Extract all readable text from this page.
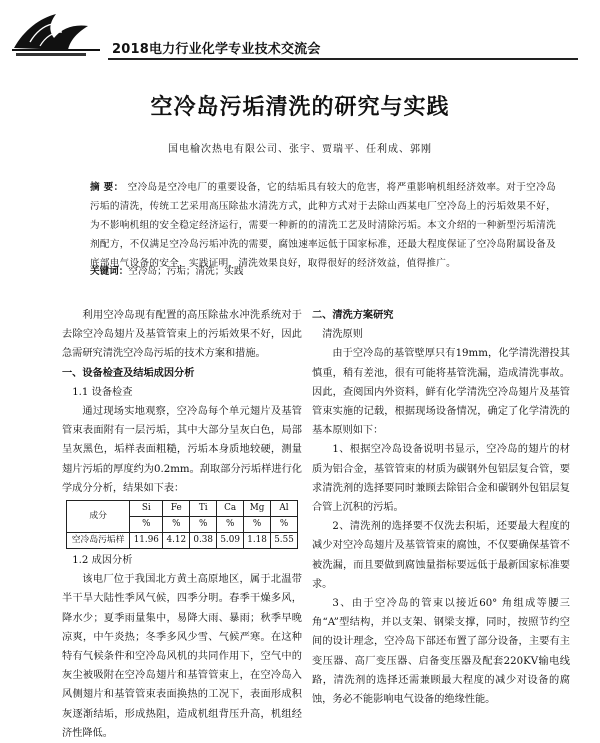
2018电力行业化学专业技术交流会
空冷岛污垢清洗的研究与实践
国电榆次热电有限公司、张宇、贾瑞平、任利成、郭刚
摘 要： 空冷岛是空冷电厂的重要设备，它的结垢具有较大的危害，将严重影响机组经济效率。对于空冷岛污垢的清洗，传统工艺采用高压除盐水清洗方式，此种方式对于去除山西某电厂空冷岛上的污垢效果不好，为不影响机组的安全稳定经济运行，需要一种新的的清洗工艺及时清除污垢。本文介绍的一种新型污垢清洗剂配方，不仅满足空冷岛污垢冲洗的需要，腐蚀速率远低于国家标准，还最大程度保证了空冷岛附属设备及底部电气设备的安全，实践证明，清洗效果良好，取得很好的经济效益，值得推广。
关键词：空冷岛；污垢；清洗；实践

利用空冷岛现有配置的高压除盐水冲洗系统对于去除空冷岛翅片及基管管束上的污垢效果不好，因此急需研究清洗空冷岛污垢的技术方案和措施。

一、设备检查及结垢成因分析

1.1 设备检查

通过现场实地观察，空冷岛每个单元翅片及基管管束表面附有一层污垢，其中大部分呈灰白色，局部呈灰黑色，垢样表面粗糙，污垢本身质地较硬，测量翅片污垢的厚度约为0.2mm。刮取部分污垢样进行化学成分分析，结果如下表：

成分	Si	Fe	Ti	Ca	Mg	Al
	%	%	%	%	%	%
空冷岛污垢样	11.96	4.12	0.38	5.09	1.18	5.55

1.2 成因分析

该电厂位于我国北方黄土高原地区，属于北温带半干旱大陆性季风气候，四季分明。春季干燥多风，降水少；夏季雨量集中，易降大雨、暴雨；秋季早晚凉爽，中午炎热；冬季多风少雪、气候严寒。在这种特有气候条件和空冷岛风机的共同作用下，空气中的灰尘被吸附在空冷岛翅片和基管管束上，在空冷岛入风侧翅片和基管管束表面换热的工况下，表面形成积灰逐渐结垢，形成热阻，造成机组背压升高，机组经济性降低。

二、清洗方案研究

清洗原则

由于空冷岛的基管壁厚只有19mm，化学清洗潜投其慎重，稍有差池，很有可能将基管洗漏，造成清洗事故。因此，查阅国内外资料，鲜有化学清洗空冷岛翅片及基管管束实施的记载，根据现场设备情况，确定了化学清洗的基本原则如下：

1、根据空冷岛设备说明书显示，空冷岛的翅片的材质为铝合金，基管管束的材质为碳钢外包铝层复合管，要求清洗剂的选择要同时兼顾去除铝合金和碳钢外包铝层复合管上沉积的污垢。

2、清洗剂的选择要不仅洗去积垢，还要最大程度的减少对空冷岛翅片及基管管束的腐蚀，不仅要确保基管不被洗漏，而且要做到腐蚀量指标要远低于最新国家标准要求。

3、由于空冷岛的管束以接近60° 角组成等腰三角“A”型结构，并以支架、钢梁支撑，同时，按照节约空间的设计理念，空冷岛下部还布置了部分设备，主要有主变压器、高厂变压器、启备变压器及配套220KV输电线路，清洗剂的选择还需兼顾最大程度的减少对设备的腐蚀，务必不能影响电气设备的绝缘性能。
